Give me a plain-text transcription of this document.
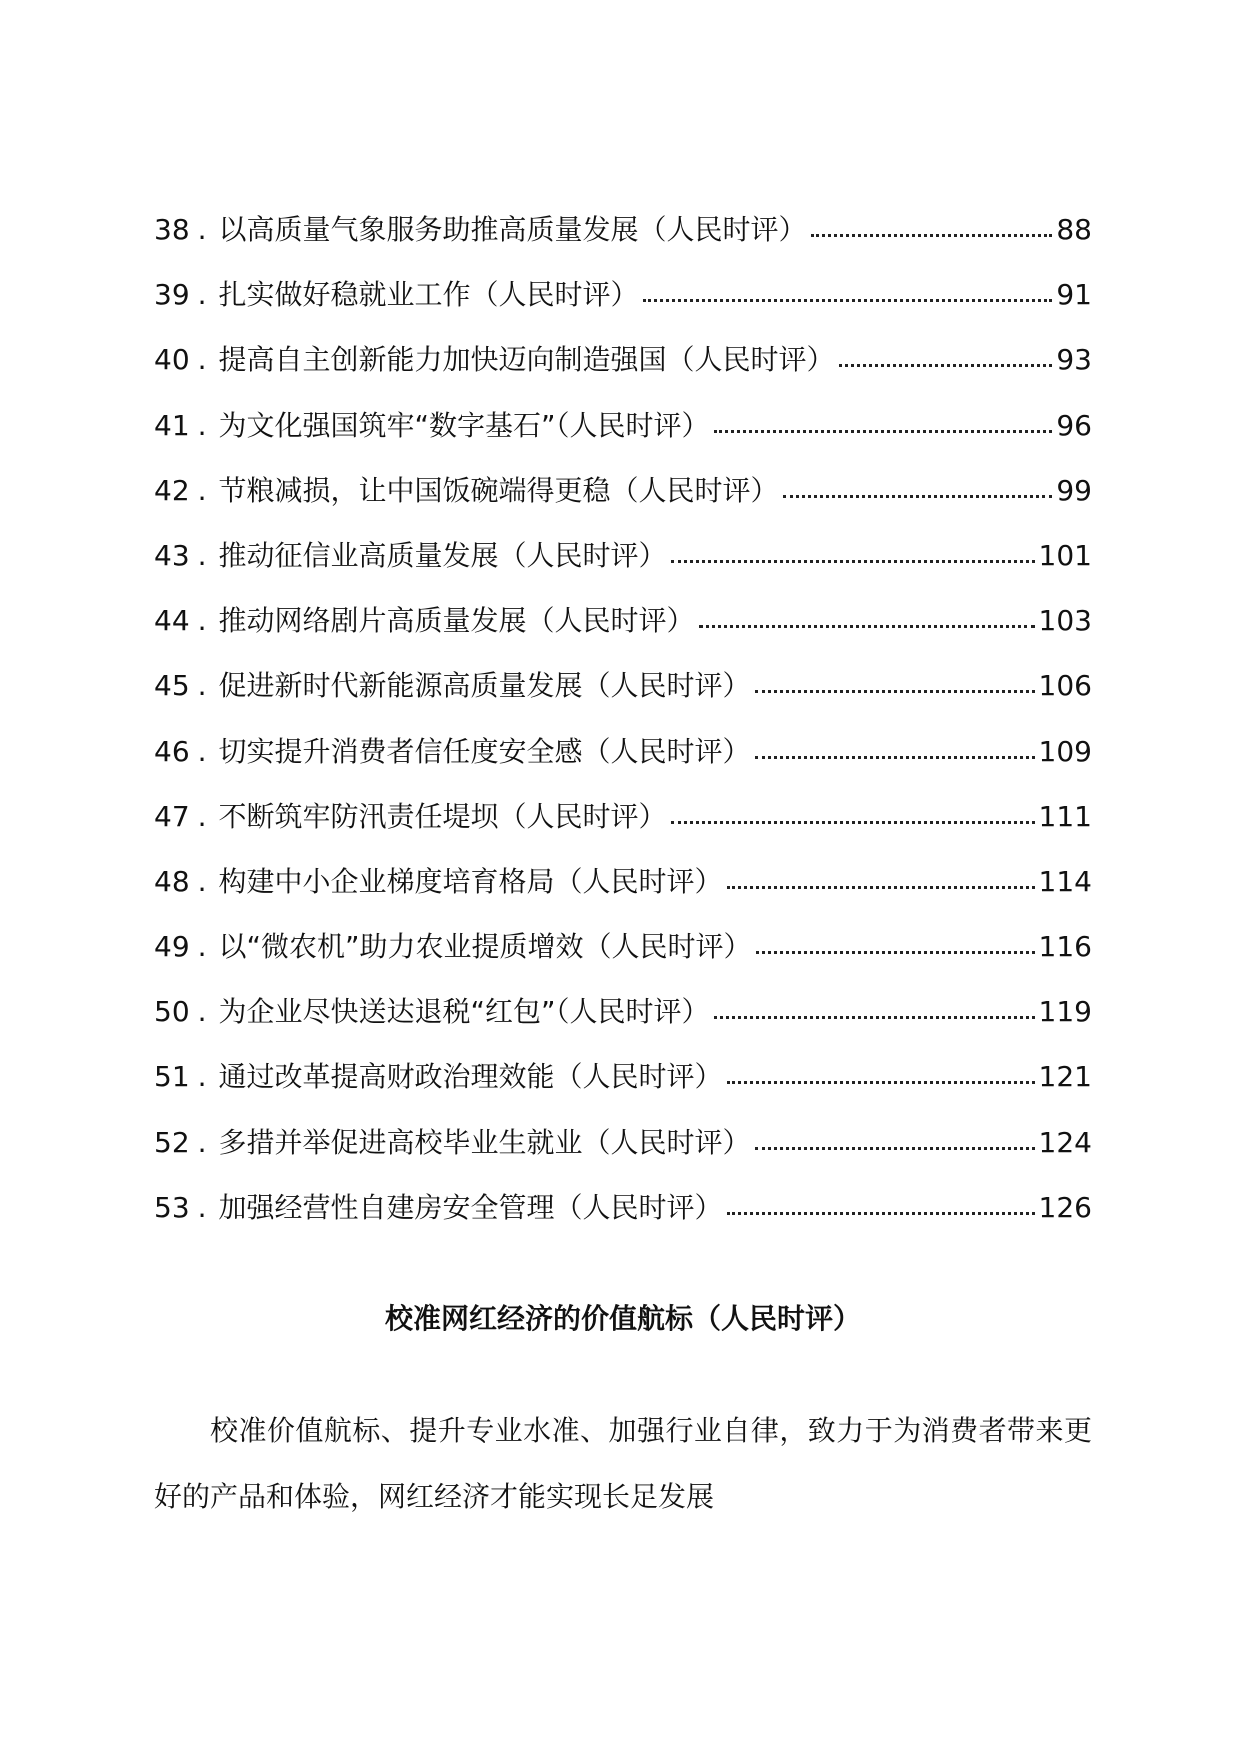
38 . 以高质量气象服务助推高质量发展（人民时评）	88
39 . 扎实做好稳就业工作（人民时评）	91
40 . 提高自主创新能力加快迈向制造强国（人民时评）	93
41 . 为文化强国筑牢“数字基石”（人民时评）	96
42 . 节粮减损，让中国饭碗端得更稳（人民时评）	99
43 . 推动征信业高质量发展（人民时评）	101
44 . 推动网络剧片高质量发展（人民时评）	103
45 . 促进新时代新能源高质量发展（人民时评）	106
46 . 切实提升消费者信任度安全感（人民时评）	109
47 . 不断筑牢防汛责任堤坝（人民时评）	111
48 . 构建中小企业梯度培育格局（人民时评）	114
49 . 以“微农机”助力农业提质增效（人民时评）	116
50 . 为企业尽快送达退税“红包”（人民时评）	119
51 . 通过改革提高财政治理效能（人民时评）	121
52 . 多措并举促进高校毕业生就业（人民时评）	124
53 . 加强经营性自建房安全管理（人民时评）	126
校准网红经济的价值航标（人民时评）

校准价值航标、提升专业水准、加强行业自律，致力于为消费者带来更好的产品和体验，网红经济才能实现长足发展
